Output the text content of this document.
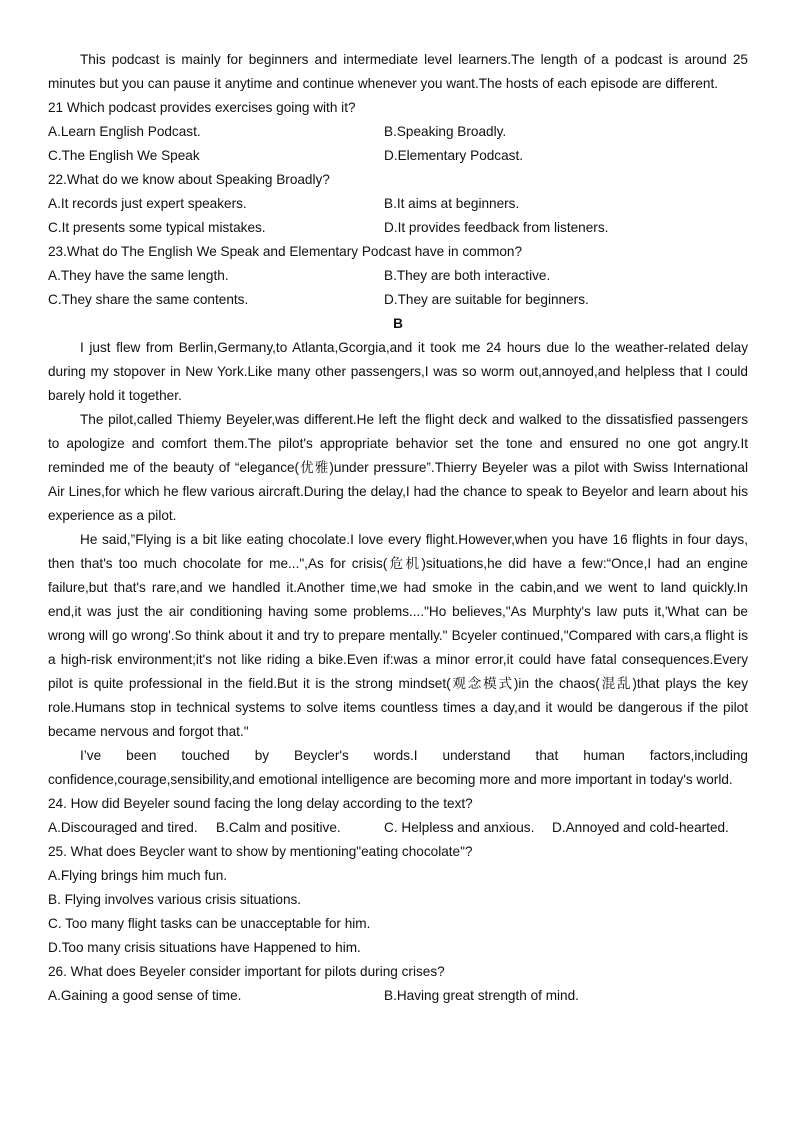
This podcast is mainly for beginners and intermediate level learners.The length of a podcast is around 25 minutes but you can pause it anytime and continue whenever you want.The hosts of each episode are different.

21 Which podcast provides exercises going with it?
A.Learn English Podcast.	B.Speaking Broadly.
C.The English We Speak	D.Elementary Podcast.
22.What do we know about Speaking Broadly?
A.It records just expert speakers.	B.It aims at beginners.
C.It presents some typical mistakes.	D.It provides feedback from listeners.
23.What do The English We Speak and Elementary Podcast have in common?
A.They have the same length.	B.They are both interactive.
C.They share the same contents.	D.They are suitable for beginners.
B

I just flew from Berlin,Germany,to Atlanta,Gcorgia,and it took me 24 hours due lo the weather-related delay during my stopover in New York.Like many other passengers,I was so worm out,annoyed,and helpless that I could barely hold it together.

The pilot,called Thiemy Beyeler,was different.He left the flight deck and walked to the dissatisfied passengers to apologize and comfort them.The pilot's appropriate behavior set the tone and ensured no one got angry.It reminded me of the beauty of “elegance(优雅)under pressure”.Thierry Beyeler was a pilot with Swiss International Air Lines,for which he flew various aircraft.During the delay,I had the chance to speak to Beyelor and learn about his experience as a pilot.

He said,”Flying is a bit like eating chocolate.I love every flight.However,when you have 16 flights in four days, then that's too much chocolate for me...",As for crisis(危机)situations,he did have a few:“Once,I had an engine failure,but that's rare,and we handled it.Another time,we had smoke in the cabin,and we went to land quickly.In end,it was just the air conditioning having some problems...."Ho believes,"As Murphty's law puts it,'What can be wrong will go wrong'.So think about it and try to prepare mentally." Bcyeler continued,"Compared with cars,a flight is a high-risk environment;it's not like riding a bike.Even if:was a minor error,it could have fatal consequences.Every pilot is quite professional in the field.But it is the strong mindset(观念模式)in the chaos(混乱)that plays the key role.Humans stop in technical systems to solve items countless times a day,and it would be dangerous if the pilot became nervous and forgot that."

I’ve been touched by Beycler's words.I understand that human factors,including confidence,courage,sensibility,and emotional intelligence are becoming more and more important in today's world.

24. How did Beyeler sound facing the long delay according to the text?
A.Discouraged and tired. B.Calm and positive.	C. Helpless and anxious. D.Annoyed and cold-hearted.
25. What does Beycler want to show by mentioning"eating chocolate"?
A.Flying brings him much fun.
B. Flying involves various crisis situations.
C. Too many flight tasks can be unacceptable for him.
D.Too many crisis situations have Happened to him.
26. What does Beyeler consider important for pilots during crises?
A.Gaining a good sense of time.	B.Having great strength of mind.
